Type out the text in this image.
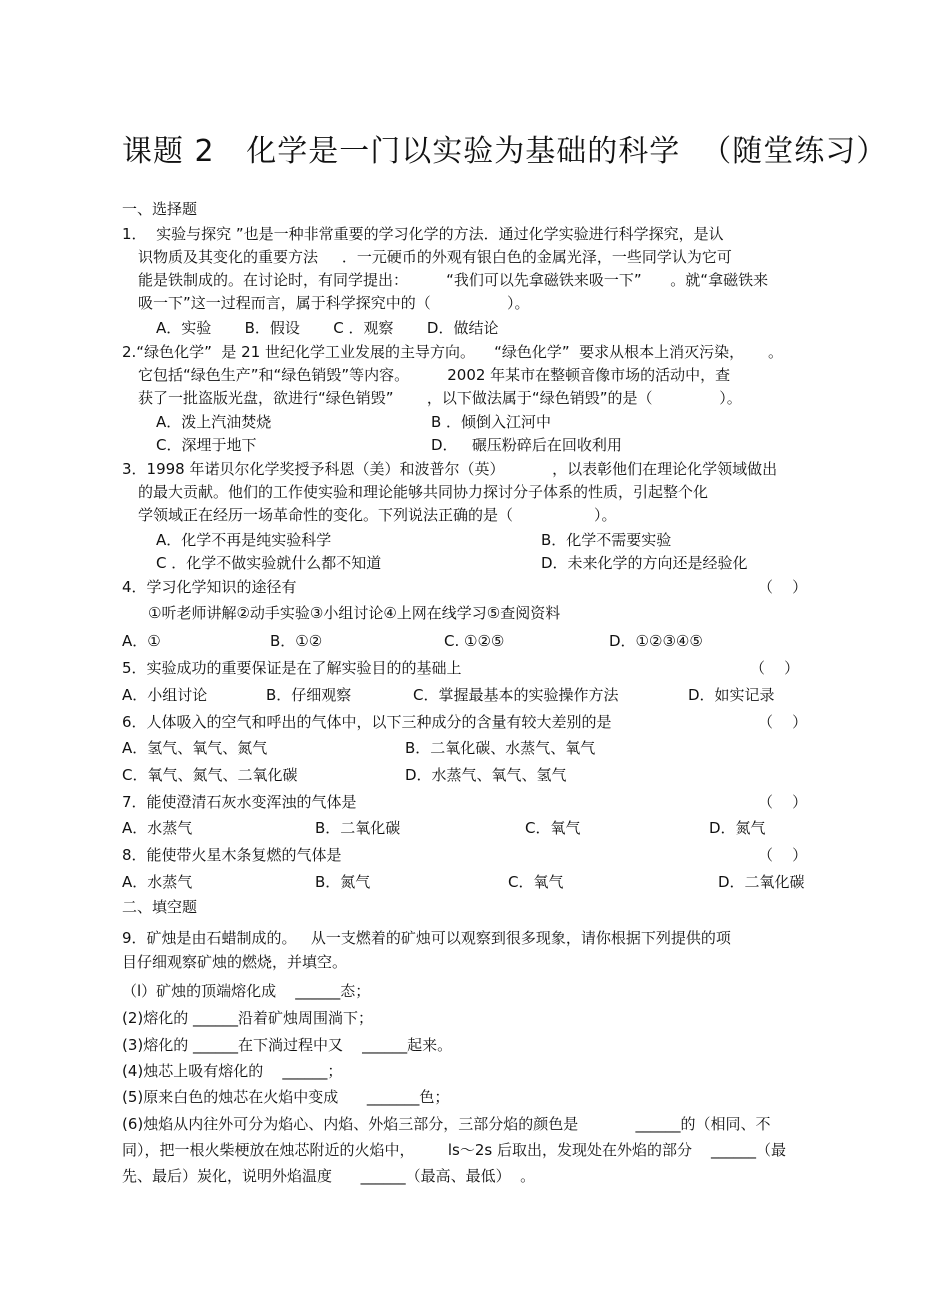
课题 2   化学是一门以实验为基础的科学  （随堂练习）
一、选择题
1．  实验与探究 ”也是一种非常重要的学习化学的方法．通过化学实验进行科学探究，是认
识物质及其变化的重要方法     ．一元硬币的外观有银白色的金属光泽，一些同学认为它可
能是铁制成的。在讨论时，有同学提出：        “我们可以先拿磁铁来吸一下”      。就“拿磁铁来
吸一下”这一过程而言，属于科学探究中的（                ）。
A．实验       B．假设       C ．观察       D．做结论
2.“绿色化学”  是 21 世纪化学工业发展的主导方向。    “绿色化学”  要求从根本上消灭污染，     。
它包括“绿色生产”和“绿色销毁”等内容。        2002 年某市在整顿音像市场的活动中，查
获了一批盗版光盘，欲进行“绿色销毁”       ，以下做法属于“绿色销毁”的是（              ）。
A．泼上汽油焚烧	B ．倾倒入江河中
C．深埋于地下	D．   碾压粉碎后在回收利用
3．1998 年诺贝尔化学奖授予科恩（美）和波普尔（英）          ，以表彰他们在理论化学领域做出
的最大贡献。他们的工作使实验和理论能够共同协力探讨分子体系的性质，引起整个化
学领域正在经历一场革命性的变化。下列说法正确的是（                 ）。
A．化学不再是纯实验科学	B．化学不需要实验
C ．化学不做实验就什么都不知道	D．未来化学的方向还是经验化
4．学习化学知识的途径有	（    ）
①听老师讲解②动手实验③小组讨论④上网在线学习⑤查阅资料
A．①	B．①②	C. ①②⑤	D．①②③④⑤
5．实验成功的重要保证是在了解实验目的的基础上	（    ）
A．小组讨论	B．仔细观察	C．掌握最基本的实验操作方法	D．如实记录
6．人体吸入的空气和呼出的气体中，以下三种成分的含量有较大差别的是	（    ）
A．氢气、氧气、氮气	B．二氧化碳、水蒸气、氧气
C．氧气、氮气、二氧化碳	D．水蒸气、氧气、氢气
7．能使澄清石灰水变浑浊的气体是	（    ）
A．水蒸气	B．二氧化碳	C．氧气	D．氮气
8．能使带火星木条复燃的气体是	（    ）
A．水蒸气	B．氮气	C．氧气	D．二氧化碳
二、填空题
9．矿烛是由石蜡制成的。   从一支燃着的矿烛可以观察到很多现象，请你根据下列提供的项
目仔细观察矿烛的燃烧，并填空。
（l）矿烛的顶端熔化成    ______态；
(2)熔化的 ______沿着矿烛周围淌下；
(3)熔化的 ______在下淌过程中又    ______起来。
(4)烛芯上吸有熔化的    ______；
(5)原来白色的烛芯在火焰中变成      _______色；
(6)烛焰从内往外可分为焰心、内焰、外焰三部分，三部分焰的颜色是            ______的（相同、不
同），把一根火柴梗放在烛芯附近的火焰中，       ls～2s 后取出，发现处在外焰的部分    ______（最
先、最后）炭化，说明外焰温度      ______（最高、最低）  。
